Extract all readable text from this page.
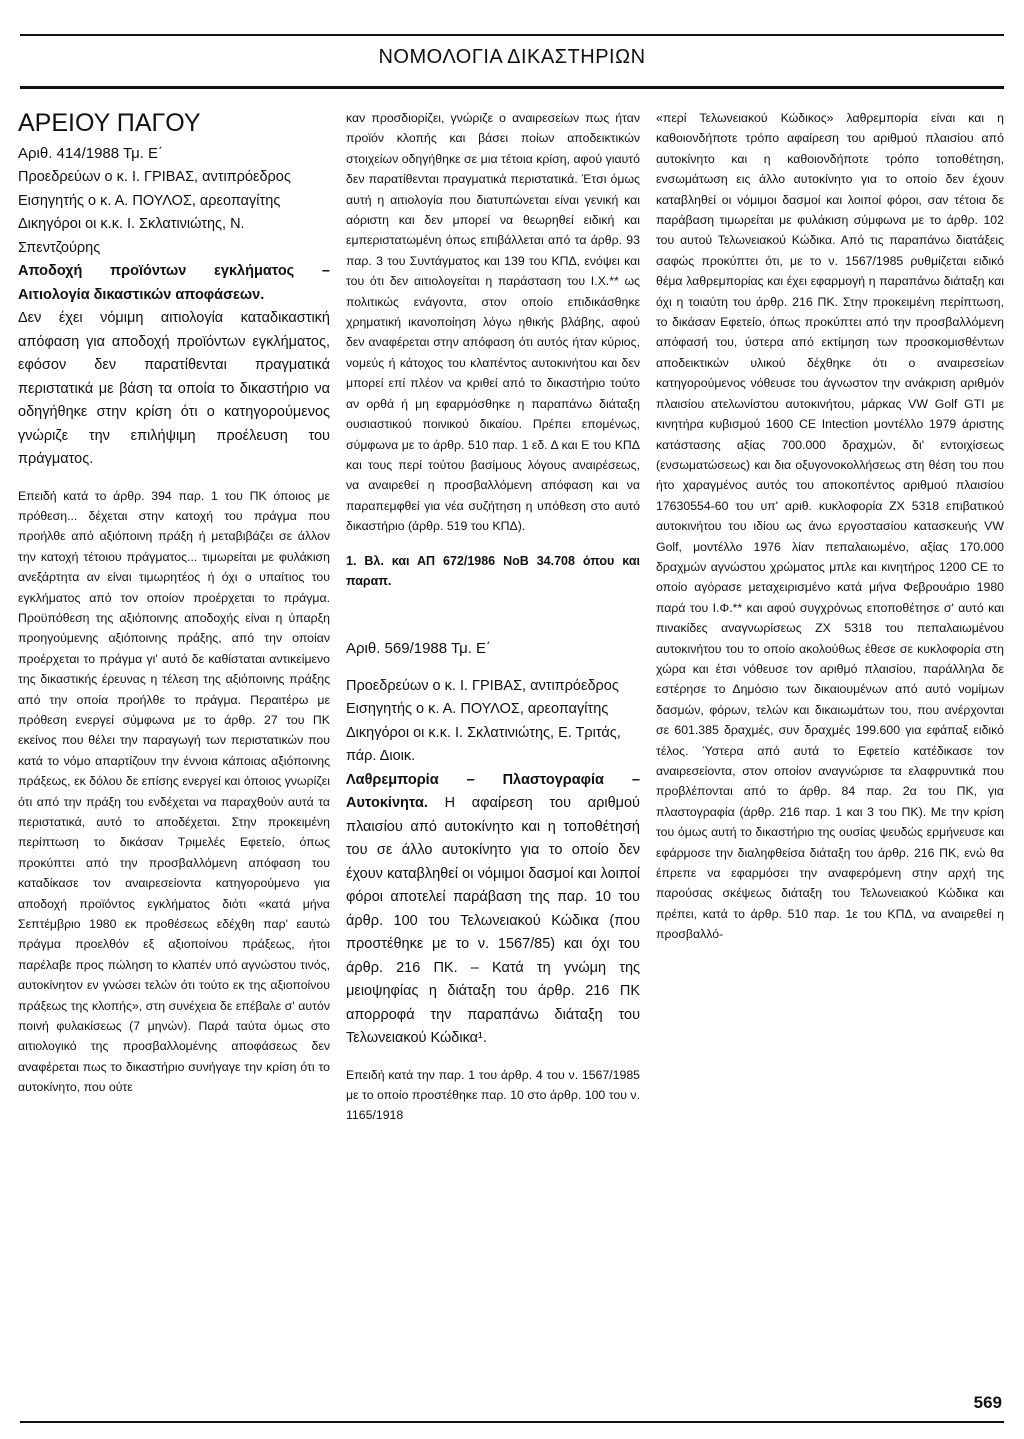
ΝΟΜΟΛΟΓΙΑ ΔΙΚΑΣΤΗΡΙΩΝ

ΑΡΕΙΟΥ ΠΑΓΟΥ

Αριθ. 414/1988 Τμ. Ε΄

Προεδρεύων ο κ. Ι. ΓΡΙΒΑΣ, αντιπρόεδρος

Εισηγητής ο κ. Α. ΠΟΥΛΟΣ, αρεοπαγίτης

Δικηγόροι οι κ.κ. Ι. Σκλατινιώτης, Ν. Σπεντζούρης

Αποδοχή προϊόντων εγκλήματος – Αιτιολογία δικαστικών αποφάσεων.

Δεν έχει νόμιμη αιτιολογία καταδικαστική απόφαση για αποδοχή προϊόντων εγκλήματος, εφόσον δεν παρατίθενται πραγματικά περιστατικά με βάση τα οποία το δικαστήριο να οδηγήθηκε στην κρίση ότι ο κατηγορούμενος γνώριζε την επιλήψιμη προέλευση του πράγματος.

Επειδή κατά το άρθρ. 394 παρ. 1 του ΠΚ όποιος με πρόθεση... δέχεται στην κατοχή του πράγμα που προήλθε από αξιόποινη πράξη ή μεταβιβάζει σε άλλον την κατοχή τέτοιου πράγματος... τιμωρείται με φυλάκιση ανεξάρτητα αν είναι τιμωρητέος ή όχι ο υπαίτιος του εγκλήματος από τον οποίον προέρχεται το πράγμα. Προϋπόθεση της αξιόποινης αποδοχής είναι η ύπαρξη προηγούμενης αξιόποινης πράξης, από την οποίαν προέρχεται το πράγμα γι' αυτό δε καθίσταται αντικείμενο της δικαστικής έρευνας η τέλεση της αξιόποινης πράξης από την οποία προήλθε το πράγμα. Περαιτέρω με πρόθεση ενεργεί σύμφωνα με το άρθρ. 27 του ΠΚ εκείνος που θέλει την παραγωγή των περιστατικών που κατά το νόμο απαρτίζουν την έννοια κάποιας αξιόποινης πράξεως, εκ δόλου δε επίσης ενεργεί και όποιος γνωρίζει ότι από την πράξη του ενδέχεται να παραχθούν αυτά τα περιστατικά, αυτό το αποδέχεται. Στην προκειμένη περίπτωση το δικάσαν Τριμελές Εφετείο, όπως προκύπτει από την προσβαλλόμενη απόφαση του καταδίκασε τον αναιρεσείοντα κατηγορούμενο για αποδοχή προϊόντος εγκλήματος διότι «κατά μήνα Σεπτέμβριο 1980 εκ προθέσεως εδέχθη παρ' εαυτώ πράγμα προελθόν εξ αξιοποίνου πράξεως, ήτοι παρέλαβε προς πώληση το κλαπέν υπό αγνώστου τινός, αυτοκίνητον εν γνώσει τελών ότι τούτο εκ της αξιοποίνου πράξεως της κλοπής», στη συνέχεια δε επέβαλε σ' αυτόν ποινή φυλακίσεως (7 μηνών). Παρά ταύτα όμως στο αιτιολογικό της προσβαλλομένης αποφάσεως δεν αναφέρεται πως το δικαστήριο συνήγαγε την κρίση ότι το αυτοκίνητο, που ούτε

καν προσδιορίζει, γνώριζε ο αναιρεσείων πως ήταν προϊόν κλοπής και βάσει ποίων αποδεικτικών στοιχείων οδηγήθηκε σε μια τέτοια κρίση, αφού γιαυτό δεν παρατίθενται πραγματικά περιστατικά. Έτσι όμως αυτή η αιτιολογία που διατυπώνεται είναι γενική και αόριστη και δεν μπορεί να θεωρηθεί ειδική και εμπεριστατωμένη όπως επιβάλλεται από τα άρθρ. 93 παρ. 3 του Συντάγματος και 139 του ΚΠΔ, ενόψει και του ότι δεν αιτιολογείται η παράσταση του Ι.Χ.** ως πολιτικώς ενάγοντα, στον οποίο επιδικάσθηκε χρηματική ικανοποίηση λόγω ηθικής βλάβης, αφού δεν αναφέρεται στην απόφαση ότι αυτός ήταν κύριος, νομεύς ή κάτοχος του κλαπέντος αυτοκινήτου και δεν μπορεί επί πλέον να κριθεί από το δικαστήριο τούτο αν ορθά ή μη εφαρμόσθηκε η παραπάνω διάταξη ουσιαστικού ποινικού δικαίου. Πρέπει επομένως, σύμφωνα με το άρθρ. 510 παρ. 1 εδ. Δ και Ε του ΚΠΔ και τους περί τούτου βασίμους λόγους αναιρέσεως, να αναιρεθεί η προσβαλλόμενη απόφαση και να παραπεμφθεί για νέα συζήτηση η υπόθεση στο αυτό δικαστήριο (άρθρ. 519 του ΚΠΔ).

1. Βλ. και ΑΠ 672/1986 ΝοΒ 34.708 όπου και παραπ.

Αριθ. 569/1988 Τμ. Ε΄

Προεδρεύων ο κ. Ι. ΓΡΙΒΑΣ, αντιπρόεδρος

Εισηγητής ο κ. Α. ΠΟΥΛΟΣ, αρεοπαγίτης

Δικηγόροι οι κ.κ. Ι. Σκλατινιώτης, Ε. Τριτάς, πάρ. Διοικ.

Λαθρεμπορία – Πλαστογραφία – Αυτοκίνητα. Η αφαίρεση του αριθμού πλαισίου από αυτοκίνητο και η τοποθέτησή του σε άλλο αυτοκίνητο για το οποίο δεν έχουν καταβληθεί οι νόμιμοι δασμοί και λοιποί φόροι αποτελεί παράβαση της παρ. 10 του άρθρ. 100 του Τελωνειακού Κώδικα (που προστέθηκε με το ν. 1567/85) και όχι του άρθρ. 216 ΠΚ. – Κατά τη γνώμη της μειοψηφίας η διάταξη του άρθρ. 216 ΠΚ απορροφά την παραπάνω διάταξη του Τελωνειακού Κώδικα¹.

Επειδή κατά την παρ. 1 του άρθρ. 4 του ν. 1567/1985 με το οποίο προστέθηκε παρ. 10 στο άρθρ. 100 του ν. 1165/1918

«περί Τελωνειακού Κώδικος» λαθρεμπορία είναι και η καθοιονδήποτε τρόπο αφαίρεση του αριθμού πλαισίου από αυτοκίνητο και η καθοιονδήποτε τρόπο τοποθέτηση, ενσωμάτωση εις άλλο αυτοκίνητο για το οποίο δεν έχουν καταβληθεί οι νόμιμοι δασμοί και λοιποί φόροι, σαν τέτοια δε παράβαση τιμωρείται με φυλάκιση σύμφωνα με το άρθρ. 102 του αυτού Τελωνειακού Κώδικα. Από τις παραπάνω διατάξεις σαφώς προκύπτει ότι, με το ν. 1567/1985 ρυθμίζεται ειδικό θέμα λαθρεμπορίας και έχει εφαρμογή η παραπάνω διάταξη και όχι η τοιαύτη του άρθρ. 216 ΠΚ. Στην προκειμένη περίπτωση, το δικάσαν Εφετείο, όπως προκύπτει από την προσβαλλόμενη απόφασή του, ύστερα από εκτίμηση των προσκομισθέντων αποδεικτικών υλικού δέχθηκε ότι ο αναιρεσείων κατηγορούμενος νόθευσε του άγνωστον την ανάκριση αριθμόν πλαισίου ατελωνίστου αυτοκινήτου, μάρκας VW Golf GTI με κινητήρα κυβισμού 1600 CE Intection μοντέλλο 1979 άριστης κατάστασης αξίας 700.000 δραχμών, δι' εντοιχίσεως (ενσωματώσεως) και δια οξυγονοκολλήσεως στη θέση του που ήτο χαραγμένος αυτός του αποκοπέντος αριθμού πλαισίου 17630554-60 του υπ' αριθ. κυκλοφορία ΖΧ 5318 επιβατικού αυτοκινήτου του ιδίου ως άνω εργοστασίου κατασκευής VW Golf, μοντέλλο 1976 λίαν πεπαλαιωμένο, αξίας 170.000 δραχμών αγνώστου χρώματος μπλε και κινητήρος 1200 CE το οποίο αγόρασε μεταχειρισμένο κατά μήνα Φεβρουάριο 1980 παρά του Ι.Φ.** και αφού συγχρόνως εποποθέτησε σ' αυτό και πινακίδες αναγνωρίσεως ΖΧ 5318 του πεπαλαιωμένου αυτοκινήτου του το οποίο ακολούθως έθεσε σε κυκλοφορία στη χώρα και έτσι νόθευσε τον αριθμό πλαισίου, παράλληλα δε εστέρησε το Δημόσιο των δικαιουμένων από αυτό νομίμων δασμών, φόρων, τελών και δικαιωμάτων του, που ανέρχονται σε 601.385 δραχμές, συν δραχμές 199.600 για εφάπαξ ειδικό τέλος. Ύστερα από αυτά το Εφετείο κατέδικασε τον αναιρεσείοντα, στον οποίον αναγνώρισε τα ελαφρυντικά που προβλέπονται από το άρθρ. 84 παρ. 2α του ΠΚ, για πλαστογραφία (άρθρ. 216 παρ. 1 και 3 του ΠΚ). Με την κρίση του όμως αυτή το δικαστήριο της ουσίας ψευδώς ερμήνευσε και εφάρμοσε την διαληφθείσα διάταξη του άρθρ. 216 ΠΚ, ενώ θα έπρεπε να εφαρμόσει την αναφερόμενη στην αρχή της παρούσας σκέψεως διάταξη του Τελωνειακού Κώδικα και πρέπει, κατά το άρθρ. 510 παρ. 1ε του ΚΠΔ, να αναιρεθεί η προσβαλλό-

569
